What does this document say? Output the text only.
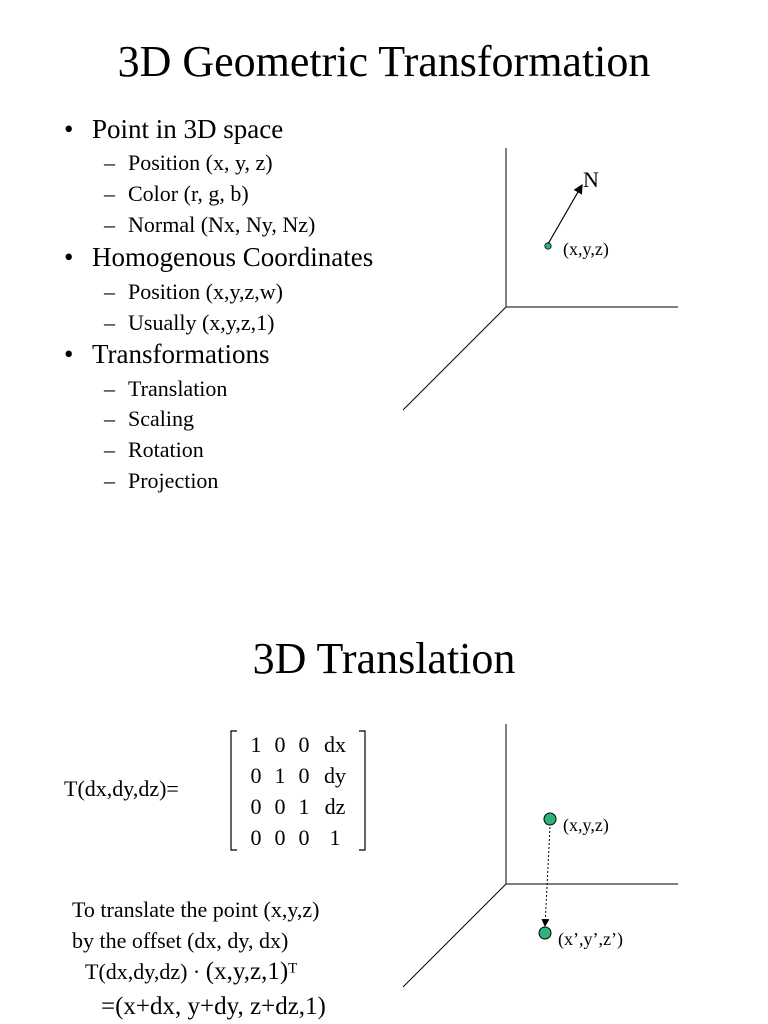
3D Geometric Transformation
• Point in 3D space
– Position (x, y, z)
– Color (r, g, b)
– Normal (Nx, Ny, Nz)
• Homogenous Coordinates
– Position (x,y,z,w)
– Usually (x,y,z,1)
• Transformations
– Translation
– Scaling
– Rotation
– Projection
N
(x,y,z)
3D Translation
T(dx,dy,dz)=
1 0 0 dx
0 1 0 dy
0 0 1 dz
0 0 0 1	(x,y,z)
(x’,y’,z’)
To translate the point (x,y,z)
by the offset (dx, dy, dx)
$T(dx,dy,dz) \cdot (x,y,z,1)^T$
=(x+dx, y+dy, z+dz,1)
